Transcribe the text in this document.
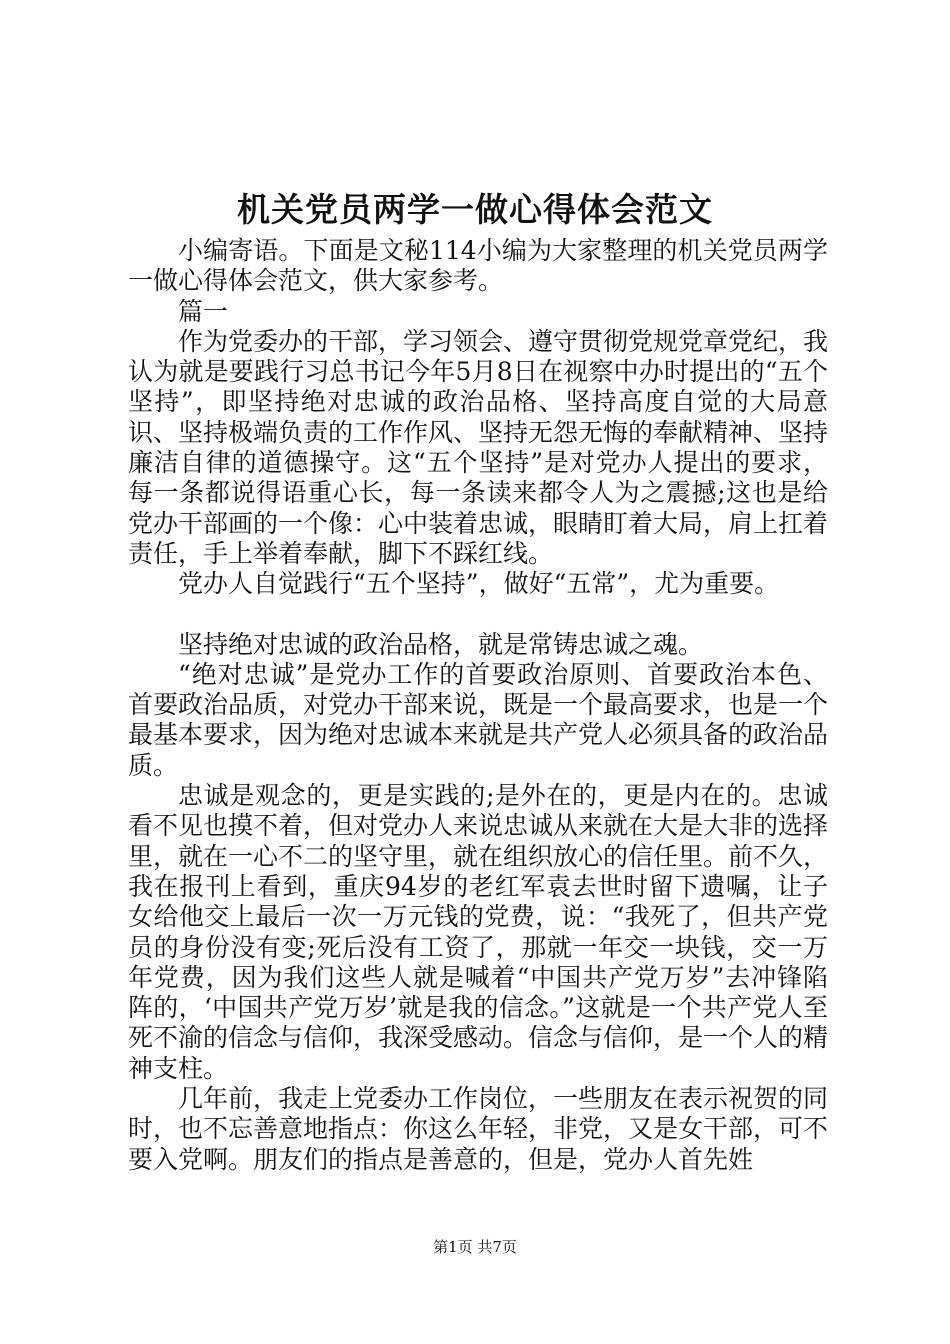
机关党员两学一做心得体会范文

小编寄语。下面是文秘114小编为大家整理的机关党员两学一做心得体会范文，供大家参考。

篇一

作为党委办的干部，学习领会、遵守贯彻党规党章党纪，我认为就是要践行习总书记今年5月8日在视察中办时提出的“五个坚持”，即坚持绝对忠诚的政治品格、坚持高度自觉的大局意识、坚持极端负责的工作作风、坚持无怨无悔的奉献精神、坚持廉洁自律的道德操守。这“五个坚持”是对党办人提出的要求，每一条都说得语重心长，每一条读来都令人为之震撼;这也是给党办干部画的一个像：心中装着忠诚，眼睛盯着大局，肩上扛着责任，手上举着奉献，脚下不踩红线。

党办人自觉践行“五个坚持”，做好“五常”，尤为重要。

坚持绝对忠诚的政治品格，就是常铸忠诚之魂。

“绝对忠诚”是党办工作的首要政治原则、首要政治本色、首要政治品质，对党办干部来说，既是一个最高要求，也是一个最基本要求，因为绝对忠诚本来就是共产党人必须具备的政治品质。

忠诚是观念的，更是实践的;是外在的，更是内在的。忠诚看不见也摸不着，但对党办人来说忠诚从来就在大是大非的选择里，就在一心不二的坚守里，就在组织放心的信任里。前不久，我在报刊上看到，重庆94岁的老红军袁去世时留下遗嘱，让子女给他交上最后一次一万元钱的党费，说：“我死了，但共产党员的身份没有变;死后没有工资了，那就一年交一块钱，交一万年党费，因为我们这些人就是喊着“中国共产党万岁”去冲锋陷阵的，‘中国共产党万岁’就是我的信念。”这就是一个共产党人至死不渝的信念与信仰，我深受感动。信念与信仰，是一个人的精神支柱。

几年前，我走上党委办工作岗位，一些朋友在表示祝贺的同时，也不忘善意地指点：你这么年轻，非党，又是女干部，可不要入党啊。朋友们的指点是善意的，但是，党办人首先姓

第1页 共7页
